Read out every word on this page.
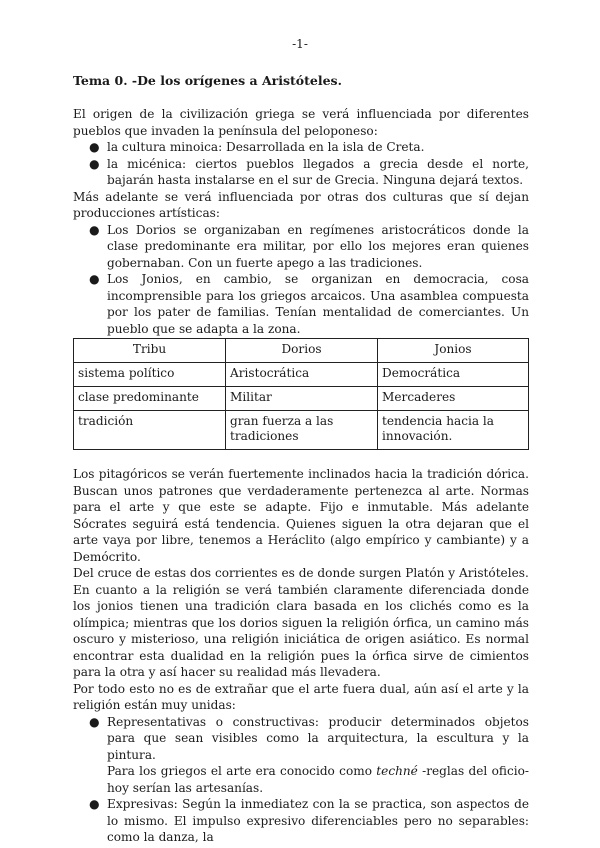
-1-
Tema 0. -De los orígenes a Aristóteles.

El origen de la civilización griega se verá influenciada por diferentes pueblos que invaden la península del peloponeso:

● la cultura minoica: Desarrollada en la isla de Creta.
● la micénica: ciertos pueblos llegados a grecia desde el norte, bajarán hasta instalarse en el sur de Grecia. Ninguna dejará textos.

Más adelante se verá influenciada por otras dos culturas que sí dejan producciones artísticas:

● Los Dorios se organizaban en regímenes aristocráticos donde la clase predominante era militar, por ello los mejores eran quienes gobernaban. Con un fuerte apego a las tradiciones.
● Los Jonios, en cambio, se organizan en democracia, cosa incomprensible para los griegos arcaicos. Una asamblea compuesta por los pater de familias. Tenían mentalidad de comerciantes. Un pueblo que se adapta a la zona.
Tribu	Dorios	Jonios
sistema político	Aristocrática	Democrática
clase predominante	Militar	Mercaderes
tradición	gran fuerza a las tradiciones	tendencia hacia la innovación.

Los pitagóricos se verán fuertemente inclinados hacia la tradición dórica. Buscan unos patrones que verdaderamente pertenezca al arte. Normas para el arte y que este se adapte. Fijo e inmutable. Más adelante Sócrates seguirá está tendencia. Quienes siguen la otra dejaran que el arte vaya por libre, tenemos a Heráclito (algo empírico y cambiante) y a Demócrito.

Del cruce de estas dos corrientes es de donde surgen Platón y Aristóteles.

En cuanto a la religión se verá también claramente diferenciada donde los jonios tienen una tradición clara basada en los clichés como es la olímpica; mientras que los dorios siguen la religión órfica, un camino más oscuro y misterioso, una religión iniciática de origen asiático. Es normal encontrar esta dualidad en la religión pues la órfica sirve de cimientos para la otra y así hacer su realidad más llevadera.

Por todo esto no es de extrañar que el arte fuera dual, aún así el arte y la religión están muy unidas:

● Representativas o constructivas: producir determinados objetos para que sean visibles como la arquitectura, la escultura y la pintura.
Para los griegos el arte era conocido como techné -reglas del oficio- hoy serían las artesanías.
● Expresivas: Según la inmediatez con la se practica, son aspectos de lo mismo. El impulso expresivo diferenciables pero no separables: como la danza, la
